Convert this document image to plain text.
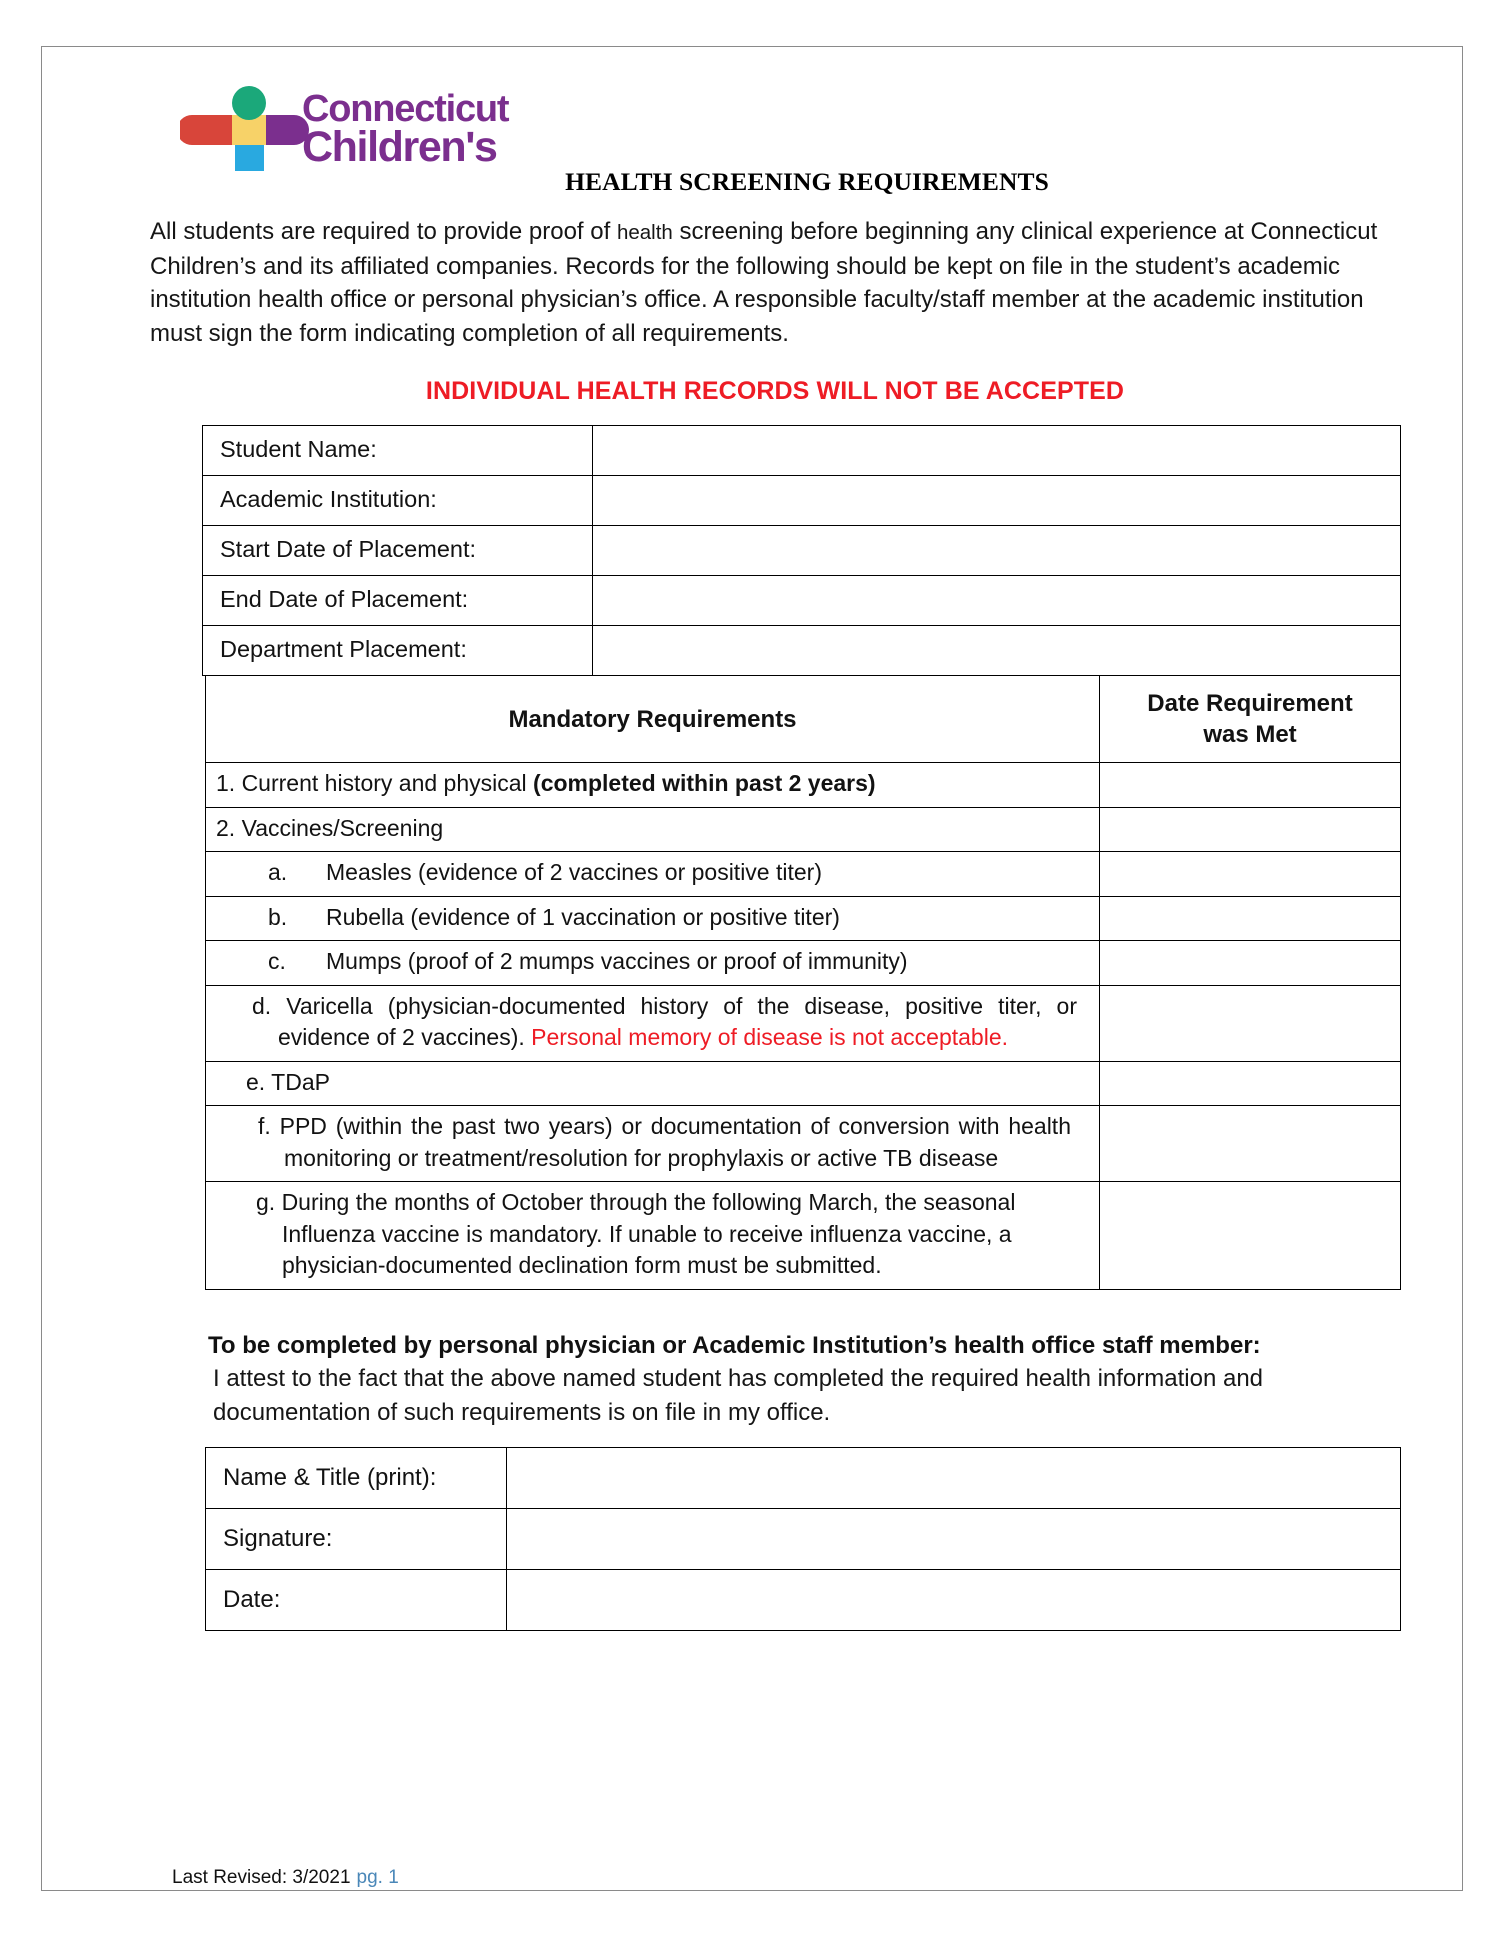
Connecticut
Children's
HEALTH SCREENING REQUIREMENTS
All students are required to provide proof of health screening before beginning any clinical experience at Connecticut Children’s and its affiliated companies. Records for the following should be kept on file in the student’s academic institution health office or personal physician’s office. A responsible faculty/staff member at the academic institution must sign the form indicating completion of all requirements.
INDIVIDUAL HEALTH RECORDS WILL NOT BE ACCEPTED
Student Name:	
Academic Institution:	
Start Date of Placement:	
End Date of Placement:	
Department Placement:	
Mandatory Requirements	Date Requirement
was Met

1. Current history and physical (completed within past 2 years)	
2. Vaccines/Screening	
a. Measles (evidence of 2 vaccines or positive titer)	
b. Rubella (evidence of 1 vaccination or positive titer)	
c. Mumps (proof of 2 mumps vaccines or proof of immunity)	

d. Varicella (physician-documented history of the disease, positive titer, or evidence of 2 vaccines). Personal memory of disease is not acceptable.	

e. TDaP	

f. PPD (within the past two years) or documentation of conversion with health monitoring or treatment/resolution for prophylaxis or active TB disease	

g. During the months of October through the following March, the seasonal Influenza vaccine is mandatory. If unable to receive influenza vaccine, a physician-documented declination form must be submitted.	

To be completed by personal physician or Academic Institution’s health office staff member:
I attest to the fact that the above named student has completed the required health information and documentation of such requirements is on file in my office.
Name & Title (print):	
Signature:	
Date:	
Last Revised: 3/2021 pg. 1
